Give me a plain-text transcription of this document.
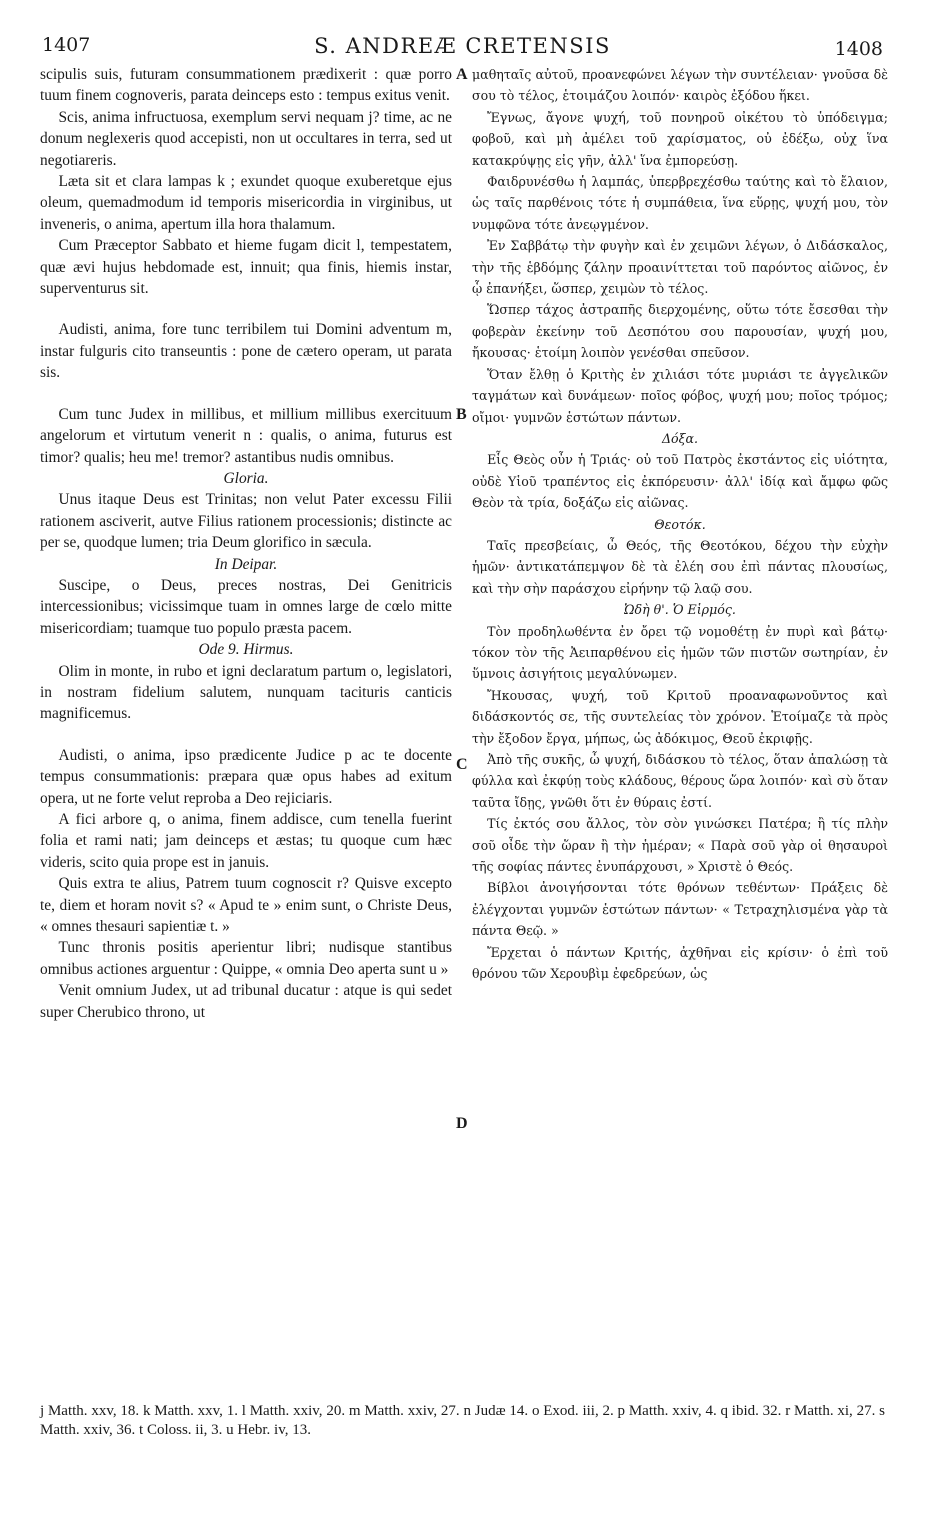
1407	S. ANDREÆ CRETENSIS	1408

scipulis suis, futuram consummationem prædixerit : quæ porro tuum finem cognoveris, parata deinceps esto : tempus exitus venit.

Scis, anima infructuosa, exemplum servi nequam j? time, ac ne donum neglexeris quod accepisti, non ut occultares in terra, sed ut negotiareris.

Læta sit et clara lampas k ; exundet quoque exuberetque ejus oleum, quemadmodum id temporis misericordia in virginibus, ut inveneris, o anima, apertum illa hora thalamum.

Cum Præceptor Sabbato et hieme fugam dicit l, tempestatem, quæ ævi hujus hebdomade est, innuit; qua finis, hiemis instar, superventurus sit.

Audisti, anima, fore tunc terribilem tui Domini adventum m, instar fulguris cito transeuntis : pone de cætero operam, ut parata sis.

Cum tunc Judex in millibus, et millium millibus exercituum angelorum et virtutum venerit n : qualis, o anima, futurus est timor? qualis; heu me! tremor? astantibus nudis omnibus.

Gloria.

Unus itaque Deus est Trinitas; non velut Pater excessu Filii rationem asciverit, autve Filius rationem processionis; distincte ac per se, quodque lumen; tria Deum glorifico in sæcula.

In Deipar.

Suscipe, o Deus, preces nostras, Dei Genitricis intercessionibus; vicissimque tuam in omnes large de cœlo mitte misericordiam; tuamque tuo populo præsta pacem.

Ode 9. Hirmus.

Olim in monte, in rubo et igni declaratum partum o, legislatori, in nostram fidelium salutem, nunquam tacituris canticis magnificemus.

Audisti, o anima, ipso prædicente Judice p ac te docente tempus consummationis: præpara quæ opus habes ad exitum opera, ut ne forte velut reproba a Deo rejiciaris.

A fici arbore q, o anima, finem addisce, cum tenella fuerint folia et rami nati; jam deinceps et æstas; tu quoque cum hæc videris, scito quia prope est in januis.

Quis extra te alius, Patrem tuum cognoscit r? Quisve excepto te, diem et horam novit s? « Apud te » enim sunt, o Christe Deus, « omnes thesauri sapientiæ t. »

Tunc thronis positis aperientur libri; nudisque stantibus omnibus actiones arguentur : Quippe, « omnia Deo aperta sunt u »

Venit omnium Judex, ut ad tribunal ducatur : atque is qui sedet super Cherubico throno, ut

A
B
C
D

μαθηταῖς αὐτοῦ, προανεφώνει λέγων τὴν συντέλειαν· γνοῦσα δὲ σου τὸ τέλος, ἑτοιμάζου λοιπόν· καιρὸς ἐξόδου ἥκει.

Ἔγνως, ἄγονε ψυχή, τοῦ πονηροῦ οἰκέτου τὸ ὑπόδειγμα; φοβοῦ, καὶ μὴ ἀμέλει τοῦ χαρίσματος, οὐ ἐδέξω, οὐχ ἵνα κατακρύψῃς εἰς γῆν, ἀλλ' ἵνα ἐμπορεύσῃ.

Φαιδρυνέσθω ἡ λαμπάς, ὑπερβρεχέσθω ταύτης καὶ τὸ ἔλαιον, ὡς ταῖς παρθένοις τότε ἡ συμπάθεια, ἵνα εὕρῃς, ψυχή μου, τὸν νυμφῶνα τότε ἀνεῳγμένον.

Ἐν Σαββάτῳ τὴν φυγὴν καὶ ἐν χειμῶνι λέγων, ὁ Διδάσκαλος, τὴν τῆς ἑβδόμης ζάλην προαινίττεται τοῦ παρόντος αἰῶνος, ἐν ᾧ ἐπανήξει, ὥσπερ, χειμὼν τὸ τέλος.

Ὥσπερ τάχος ἀστραπῆς διερχομένης, οὕτω τότε ἔσεσθαι τὴν φοβερὰν ἐκείνην τοῦ Δεσπότου σου παρουσίαν, ψυχή μου, ἤκουσας· ἑτοίμη λοιπὸν γενέσθαι σπεῦσον.

Ὅταν ἔλθῃ ὁ Κριτὴς ἐν χιλιάσι τότε μυριάσι τε ἀγγελικῶν ταγμάτων καὶ δυνάμεων· ποῖος φόβος, ψυχή μου; ποῖος τρόμος; οἴμοι· γυμνῶν ἑστώτων πάντων.

Δόξα.

Εἷς Θεὸς οὖν ἡ Τριάς· οὐ τοῦ Πατρὸς ἐκστάντος εἰς υἱότητα, οὐδὲ Υἱοῦ τραπέντος εἰς ἐκπόρευσιν· ἀλλ' ἰδίᾳ καὶ ἄμφω φῶς Θεὸν τὰ τρία, δοξάζω εἰς αἰῶνας.

Θεοτόκ.

Ταῖς πρεσβείαις, ὦ Θεός, τῆς Θεοτόκου, δέχου τὴν εὐχὴν ἡμῶν· ἀντικατάπεμψον δὲ τὰ ἐλέη σου ἐπὶ πάντας πλουσίως, καὶ τὴν σὴν παράσχου εἰρήνην τῷ λαῷ σου.

Ὠδὴ θ'. Ὁ Εἱρμός.

Τὸν προδηλωθέντα ἐν ὄρει τῷ νομοθέτῃ ἐν πυρὶ καὶ βάτῳ· τόκον τὸν τῆς Ἀειπαρθένου εἰς ἡμῶν τῶν πιστῶν σωτηρίαν, ἐν ὕμνοις ἀσιγήτοις μεγαλύνωμεν.

Ἤκουσας, ψυχή, τοῦ Κριτοῦ προαναφωνοῦντος καὶ διδάσκοντός σε, τῆς συντελείας τὸν χρόνον. Ἑτοίμαζε τὰ πρὸς τὴν ἔξοδον ἔργα, μήπως, ὡς ἀδόκιμος, Θεοῦ ἐκριφῇς.

Ἀπὸ τῆς συκῆς, ὦ ψυχή, διδάσκου τὸ τέλος, ὅταν ἁπαλώσῃ τὰ φύλλα καὶ ἐκφύῃ τοὺς κλάδους, θέρους ὥρα λοιπόν· καὶ σὺ ὅταν ταῦτα ἴδῃς, γνῶθι ὅτι ἐν θύραις ἐστί.

Τίς ἐκτός σου ἄλλος, τὸν σὸν γινώσκει Πατέρα; ἢ τίς πλὴν σοῦ οἶδε τὴν ὥραν ἢ τὴν ἡμέραν; « Παρὰ σοῦ γὰρ οἱ θησαυροὶ τῆς σοφίας πάντες ἐνυπάρχουσι, » Χριστὲ ὁ Θεός.

Βίβλοι ἀνοιγήσονται τότε θρόνων τεθέντων· Πράξεις δὲ ἐλέγχονται γυμνῶν ἑστώτων πάντων· « Τετραχηλισμένα γὰρ τὰ πάντα Θεῷ. »

Ἔρχεται ὁ πάντων Κριτής, ἀχθῆναι εἰς κρίσιν· ὁ ἐπὶ τοῦ θρόνου τῶν Χερουβὶμ ἐφεδρεύων, ὡς

j Matth. xxv, 18. k Matth. xxv, 1. l Matth. xxiv, 20. m Matth. xxiv, 27. n Judæ 14. o Exod. iii, 2. p Matth. xxiv, 4. q ibid. 32. r Matth. xi, 27. s Matth. xxiv, 36. t Coloss. ii, 3. u Hebr. iv, 13.
